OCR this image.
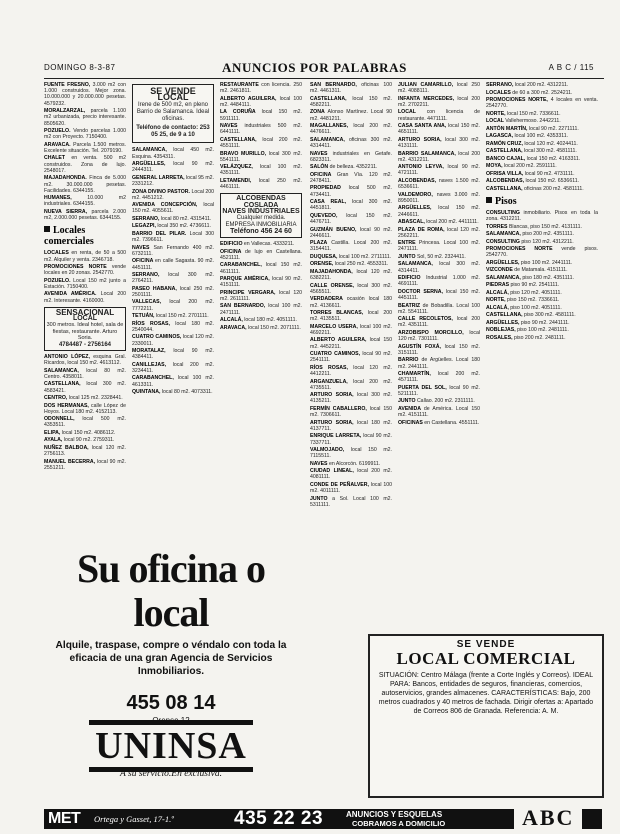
DOMINGO 8-3-87	ANUNCIOS POR PALABRAS	A B C / 115

FUENTE FRESNO, 3.000 m2 con 1.000 construidos. Mejor zona. 10.000.000 y 20.000.000 pesetas. 4579232.

MORALZARZAL, parcela 1.100 m2 urbanizada, precio interesante. 8505620.

POZUELO. Vendo parcelas 1.000 m2 con Proyecto. 7150400.

ARAVACA. Parcela 1.500 metros. Excelente situación. Tel. 2079190.

CHALET en venta. 500 m2 construidos. Zona de lujo. 2548017.

MAJADAHONDA. Finca de 5.000 m2. 30.000.000 pesetas. Facilidades. 6344155.

HUMANES, 10.000 m2 industriales. 6344155.

NUEVA SIERRA, parcela 2.000 m2, 2.000.000 pesetas. 6344155.

Locales comerciales

LOCALES en renta, de 50 a 500 m2. Alquiler y venta. 2346718.

PROMOCIONES NORTE vende locales en 20 zonas. 2542770.

POZUELO. Local 150 m2 junto a Estación. 7150400.

AVENIDA AMÉRICA. Local 200 m2. Interesante. 4160000.

SENSACIONAL
LOCAL
300 metros. Ideal hotel, sala de fiestas, restaurante. Arturo Soria.
4784487 - 2756164

ANTONIO LÓPEZ, esquina Gral. Ricardos, local 150 m2. 4613112.

SALAMANCA, local 80 m2. Centro. 4358011.

CASTELLANA, local 300 m2. 4583421.

CENTRO, local 125 m2. 2328441.

DOS HERMANAS, calle López de Hoyos. Local 180 m2. 4152113.

ODONNELL, local 500 m2. 4353511.

ELIPA, local 150 m2. 4086112.

AYALA, local 90 m2. 2759311.

NUÑEZ BALBOA, local 120 m2. 2756113.

MANUEL BECERRA, local 90 m2. 2551211.

SE VENDE LOCAL
Irene de 500 m2, en pleno Barrio de Salamanca. Ideal oficinas.
Teléfono de contacto: 253 05 25, de 9 a 10

SALAMANCA, local 450 m2. Esquina. 4354311.

ARGÜELLES, local 90 m2. 2444311.

GENERAL LARRETA, local 95 m2. 2331212.

ZONA DIVINO PASTOR. Local 200 m2. 4451212.

AVENIDA CONCEPCIÓN, local 150 m2. 4055611.

SERRANO, local 80 m2. 4315411.

LEGAZPI, local 350 m2. 4736611.

BARRIO DEL PILAR. Local 300 m2. 7396611.

NAVES San Fernando 400 m2. 6732111.

OFICINA en calle Sagasta. 90 m2. 4451111.

SERRANO, local 300 m2. 2764211.

PASEO HABANA, local 250 m2. 2501111.

VALLECAS, local 200 m2. 7772211.

TETUÁN, local 150 m2. 2701111.

RÍOS ROSAS, local 180 m2. 2540044.

CUATRO CAMINOS, local 120 m2. 2330011.

MORATALAZ, local 90 m2. 4384411.

CANILLEJAS, local 200 m2. 3234411.

CARABANCHEL, local 100 m2. 4613311.

QUINTANA, local 80 m2. 4073311.

RESTAURANTE con licencia. 250 m2. 2461811.

ALBERTO AGUILERA, local 100 m2. 4484111.

LA CORUÑA local 150 m2. 5911111.

NAVES industriales 500 m2. 6441111.

CASTELLANA, local 200 m2. 4551111.

BRAVO MURILLO, local 300 m2. 5541111.

VELÁZQUEZ, local 100 m2. 4351111.

LETAMENDI, local 250 m2. 4461111.

ALCOBENDAS COSLADA
NAVES INDUSTRIALES
Cualquier medida. EMPRESA INMOBILIARIA
Teléfono 456 24 60

EDIFICIO en Vallecas. 4333211.

OFICINA de lujo en Castellana. 4521111.

CARABANCHEL, local 150 m2. 4611111.

PARQUE AMÉRICA, local 90 m2. 4151111.

PRINCIPE VERGARA, local 120 m2. 2611111.

SAN BERNARDO, local 100 m2. 2471111.

ALCALÁ, local 180 m2. 4051111.

ARAVACA, local 150 m2. 2071111.

SAN BERNARDO, oficinas 100 m2. 4461311.

CASTELLANA, local 150 m2. 4582211.

ZONA Alonso Martínez. Local 90 m2. 4481211.

MAGALLANES, local 200 m2. 4476611.

SALAMANCA, oficinas 300 m2. 4314411.

NAVES industriales en Getafe. 6823311.

SALÓN de belleza. 4352211.

OFICINA Gran Vía. 120 m2. 2478411.

PROPIEDAD local 500 m2. 4734411.

CASA REAL, local 300 m2. 4451811.

QUEVEDO, local 150 m2. 4476711.

GUZMÁN BUENO, local 90 m2. 2446611.

PLAZA Castilla. Local 200 m2. 3154411.

DUQUESA, local 100 m2. 2711111.

ORENSE, local 250 m2. 4553311.

MAJADAHONDA, local 120 m2. 6382211.

CALLE ORENSE, local 300 m2. 4565511.

VERDADERA ocasión local 180 m2. 4136611.

TORRES BLANCAS, local 200 m2. 4135511.

MARCELO USERA, local 100 m2. 4692211.

ALBERTO AGUILERA, local 150 m2. 4452211.

CUATRO CAMINOS, local 90 m2. 2541111.

RÍOS ROSAS, local 120 m2. 4412211.

ARGANZUELA, local 200 m2. 4735511.

ARTURO SORIA, local 300 m2. 4135211.

FERMÍN CABALLERO, local 150 m2. 7306611.

ARTURO SORIA, local 180 m2. 4137711.

ENRIQUE LARRETA, local 90 m2. 7337711.

VALMOJADO, local 150 m2. 7115511.

NAVES en Alcorcón. 6199911.

CIUDAD LINEAL, local 200 m2. 4081111.

CONDE DE PEÑALVER, local 100 m2. 4011111.

JUNTO a Sol. Local 100 m2. 5311111.

JULIÁN CAMARILLO, local 250 m2. 4088111.

INFANTA MERCEDES, local 200 m2. 2702211.

LOCAL con licencia de restaurante. 4471111.

CASA SANTA ANA, local 150 m2. 4651111.

ARTURO SORIA, local 300 m2. 4131111.

BARRIO SALAMANCA, local 200 m2. 4312211.

ANTONIO LEYVA, local 90 m2. 4721111.

ALCOBENDAS, naves 1.500 m2. 6536611.

VALDEMORO, naves 3.000 m2. 8950011.

ARGÜELLES, local 150 m2. 2446611.

ABASCAL, local 200 m2. 4411111.

PLAZA DE ROMA, local 120 m2. 2562211.

ENTRE Princesa. Local 100 m2. 2471111.

JUNTO Sol, 50 m2. 2324411.

SALAMANCA, local 300 m2. 4314411.

EDIFICIO Industrial 1.000 m2. 4691111.

DOCTOR SERNA, local 150 m2. 4451111.

BEATRIZ de Bobadilla. Local 100 m2. 5541111.

CALLE RECOLETOS, local 200 m2. 4351111.

ARZOBISPO MORCILLO, local 120 m2. 7301111.

AGUSTÍN FOXÁ, local 150 m2. 3151111.

BARRIO de Argüelles. Local 180 m2. 2441111.

CHAMARTÍN, local 200 m2. 4571111.

PUERTA DEL SOL, local 90 m2. 5211111.

JUNTO Callao. 200 m2. 2311111.

AVENIDA de América. Local 150 m2. 4151111.

OFICINAS en Castellana. 4551111.

SERRANO, local 200 m2. 4312211.

LOCALES de 60 a 300 m2. 2524211.

PROMOCIONES NORTE, 4 locales en venta. 2542770.

NORTE, local 150 m2. 7336611.

LOCAL Vallehermoso. 2442211.

ANTÓN MARTÍN, local 90 m2. 2271111.

LAGASCA, local 100 m2. 4353311.

RAMÓN CRUZ, local 120 m2. 4024411.

CASTELLANA, local 300 m2. 4581111.

BANCO CAJAL, local 150 m2. 4163311.

MOYA, local 200 m2. 2591111.

OFRISA VILLA, local 90 m2. 4731111.

ALCOBENDAS, local 150 m2. 6536611.

CASTELLANA, oficinas 200 m2. 4581111.

Pisos

CONSULTING inmobiliario. Pisos en toda la zona. 4312211.

TORRES Blancas, piso 150 m2. 4131111.

SALAMANCA, piso 200 m2. 4351111.

CONSULTING piso 120 m2. 4312211.

PROMOCIONES NORTE vende pisos. 2542770.

ARGÜELLES, piso 100 m2. 2441111.

VIZCONDE de Matamala. 4151111.

SALAMANCA, piso 180 m2. 4351111.

PIEDRAS piso 90 m2. 2541111.

ALCALÁ, piso 120 m2. 4051111.

NORTE, piso 150 m2. 7336611.

ALCALÁ, piso 100 m2. 4051111.

CASTELLANA, piso 300 m2. 4581111.

ARGÜELLES, piso 90 m2. 2441111.

NOBLEJAS, piso 100 m2. 2481111.

ROSALES, piso 200 m2. 2481111.

Su oficina o local
Alquile, traspase, compre o véndalo con toda la eficacia de una gran Agencia de Servicios Inmobiliarios.
455 08 14
Orense,12
UNINSA
A su servicio.En exclusiva.
SE VENDE
LOCAL COMERCIAL
SITUACIÓN: Centro Málaga (frente a Corte Inglés y Correos). IDEAL PARA: Bancos, entidades de seguros, financieras, comercios, autoservicios, grandes almacenes. CARACTERÍSTICAS: Bajo, 200 metros cuadrados y 40 metros de fachada. Dirigir ofertas a: Apartado de Correos 806 de Granada. Referencia: A. M.
MET Ortega y Gasset, 17-1.º	435 22 23	ANUNCIOS Y ESQUELAS
COBRAMOS A DOMICILIO	ABC
